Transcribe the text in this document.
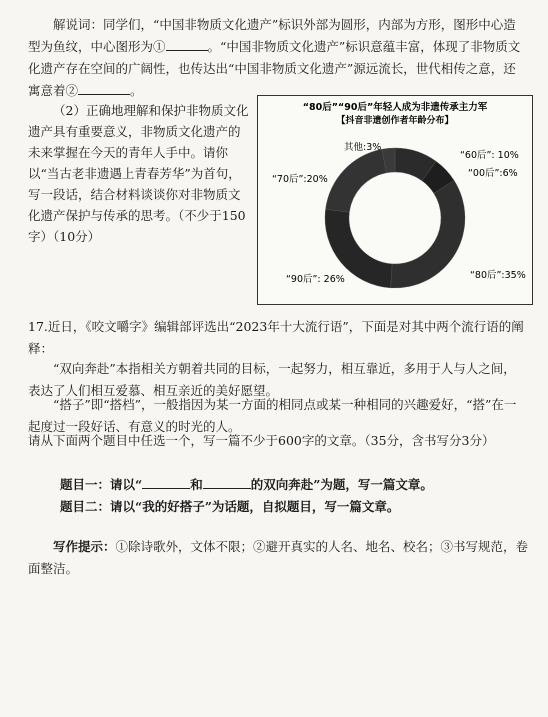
解说词：同学们，“中国非物质文化遗产”标识外部为圆形，内部为方形，图形中心造型为鱼纹，中心图形为①	。“中国非物质文化遗产”标识意蕴丰富，体现了非物质文化遗产存在空间的广阔性，也传达出“中国非物质文化遗产”源远流长，世代相传之意，还寓意着②	。
（2）正确地理解和保护非物质文化遗产具有重要意义，非物质文化遗产的未来掌握在今天的青年人手中。请你以“当古老非遗遇上青春芳华”为首句，写一段话，结合材料谈谈你对非物质文化遗产保护与传承的思考。（不少于150字）（10分）
“80后”“90后”年轻人成为非遗传承主力军
【抖音非遗创作者年龄分布】
“60后”: 10%
“00后”:6%
“80后”:35%
“90后”: 26%
“70后”:20%
其他:3%
17.近日，《咬文嚼字》编辑部评选出“2023年十大流行语”，下面是对其中两个流行语的阐释：
“双向奔赴”本指相关方朝着共同的目标，一起努力，相互靠近，多用于人与人之间，表达了人们相互爱慕、相互亲近的美好愿望。
“搭子”即“搭档”，一般指因为某一方面的相同点或某一种相同的兴趣爱好，“搭”在一起度过一段好话、有意义的时光的人。
请从下面两个题目中任选一个，写一篇不少于600字的文章。（35分，含书写分3分）
题目一：请以“	和	的双向奔赴”为题，写一篇文章。
题目二：请以“我的好搭子”为话题，自拟题目，写一篇文章。
写作提示：①除诗歌外，文体不限；②避开真实的人名、地名、校名；③书写规范，卷面整洁。
